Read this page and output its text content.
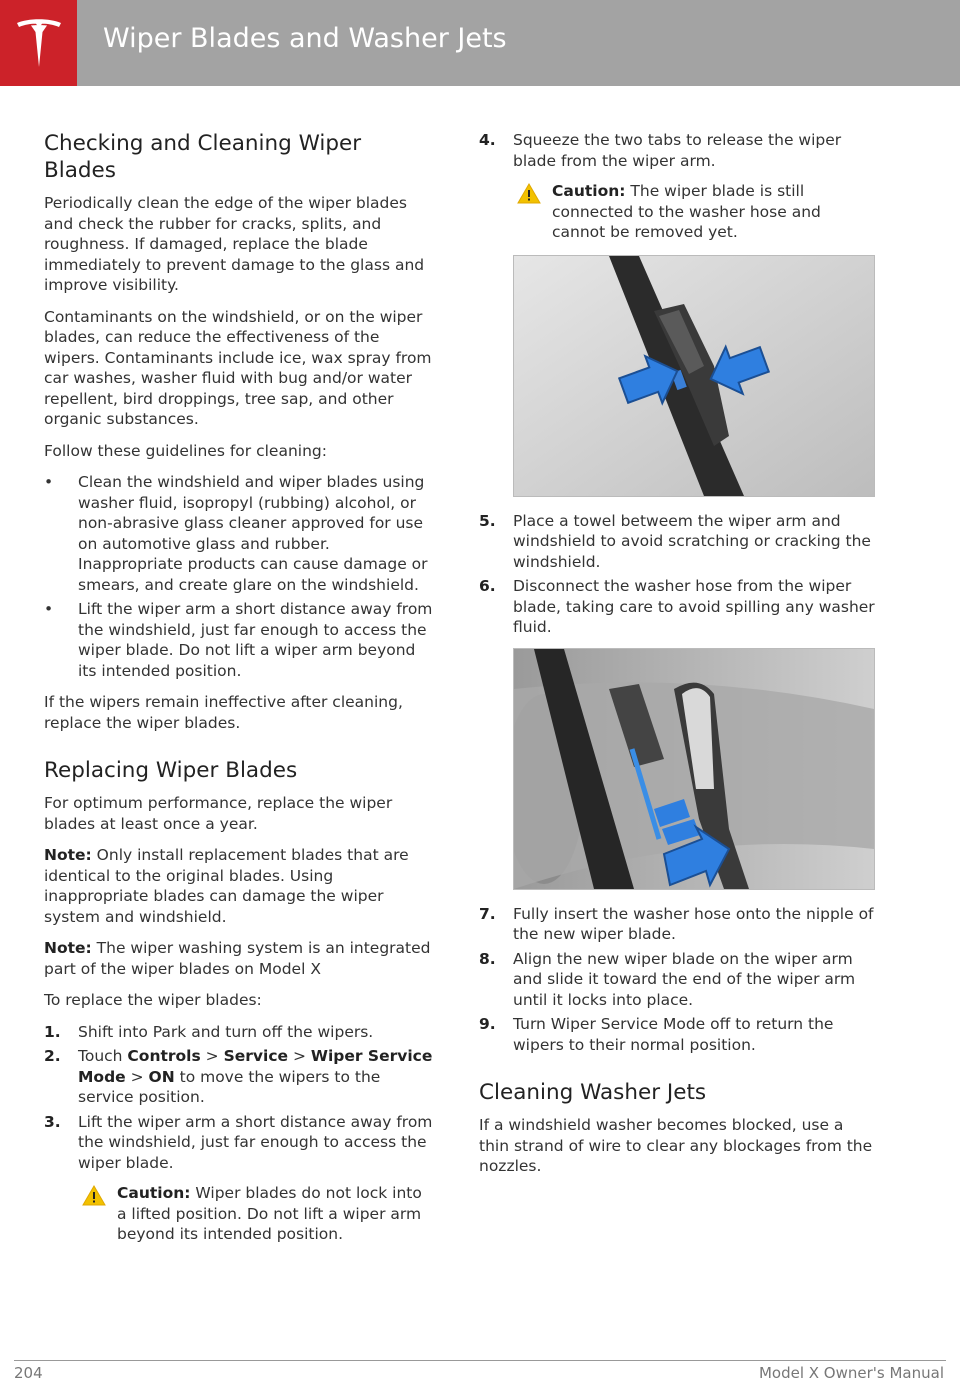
Wiper Blades and Washer Jets
Checking and Cleaning Wiper Blades

Periodically clean the edge of the wiper blades and check the rubber for cracks, splits, and roughness. If damaged, replace the blade immediately to prevent damage to the glass and improve visibility.

Contaminants on the windshield, or on the wiper blades, can reduce the effectiveness of the wipers. Contaminants include ice, wax spray from car washes, washer fluid with bug and/or water repellent, bird droppings, tree sap, and other organic substances.

Follow these guidelines for cleaning:

• Clean the windshield and wiper blades using washer fluid, isopropyl (rubbing) alcohol, or non-abrasive glass cleaner approved for use on automotive glass and rubber. Inappropriate products can cause damage or smears, and create glare on the windshield.
• Lift the wiper arm a short distance away from the windshield, just far enough to access the wiper blade. Do not lift a wiper arm beyond its intended position.

If the wipers remain ineffective after cleaning, replace the wiper blades.

Replacing Wiper Blades

For optimum performance, replace the wiper blades at least once a year.

Note: Only install replacement blades that are identical to the original blades. Using inappropriate blades can damage the wiper system and windshield.

Note: The wiper washing system is an integrated part of the wiper blades on Model X

To replace the wiper blades:

1. Shift into Park and turn off the wipers.
2. Touch Controls > Service > Wiper Service Mode > ON to move the wipers to the service position.
3. Lift the wiper arm a short distance away from the windshield, just far enough to access the wiper blade.
Caution: Wiper blades do not lock into a lifted position. Do not lift a wiper arm beyond its intended position.
4. Squeeze the two tabs to release the wiper blade from the wiper arm.
Caution: The wiper blade is still connected to the washer hose and cannot be removed yet.
5. Place a towel betweem the wiper arm and windshield to avoid scratching or cracking the windshield.
6. Disconnect the washer hose from the wiper blade, taking care to avoid spilling any washer fluid.
7. Fully insert the washer hose onto the nipple of the new wiper blade.
8. Align the new wiper blade on the wiper arm and slide it toward the end of the wiper arm until it locks into place.
9. Turn Wiper Service Mode off to return the wipers to their normal position.
Cleaning Washer Jets

If a windshield washer becomes blocked, use a thin strand of wire to clear any blockages from the nozzles.

204	Model X Owner's Manual
